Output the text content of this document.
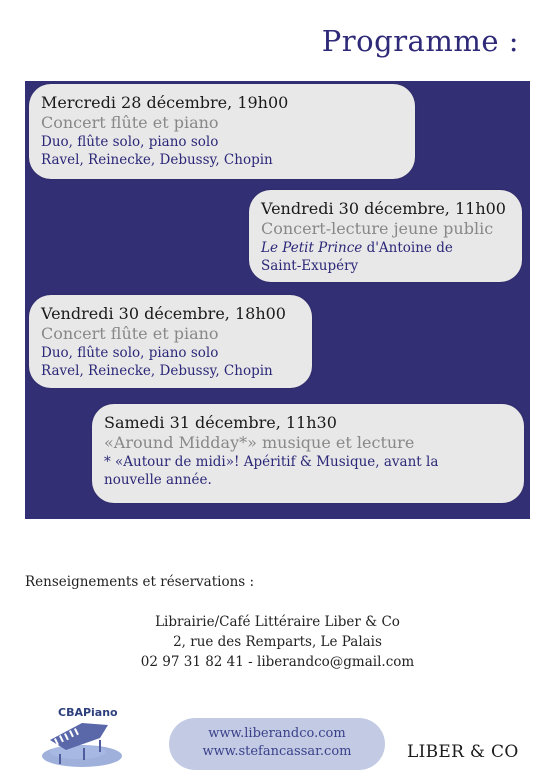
Programme :
Mercredi 28 décembre, 19h00
Concert flûte et piano
Duo, flûte solo, piano solo
Ravel, Reinecke, Debussy, Chopin
Vendredi 30 décembre, 11h00
Concert-lecture jeune public
Le Petit Prince d'Antoine de
Saint-Exupéry
Vendredi 30 décembre, 18h00
Concert flûte et piano
Duo, flûte solo, piano solo
Ravel, Reinecke, Debussy, Chopin
Samedi 31 décembre, 11h30
«Around Midday*» musique et lecture
* «Autour de midi»! Apéritif & Musique, avant la
nouvelle année.
Renseignements et réservations :
Librairie/Café Littéraire Liber & Co
2, rue des Remparts, Le Palais
02 97 31 82 41 - liberandco@gmail.com
CBAPiano
www.liberandco.com
www.stefancassar.com	LIBER & CO
